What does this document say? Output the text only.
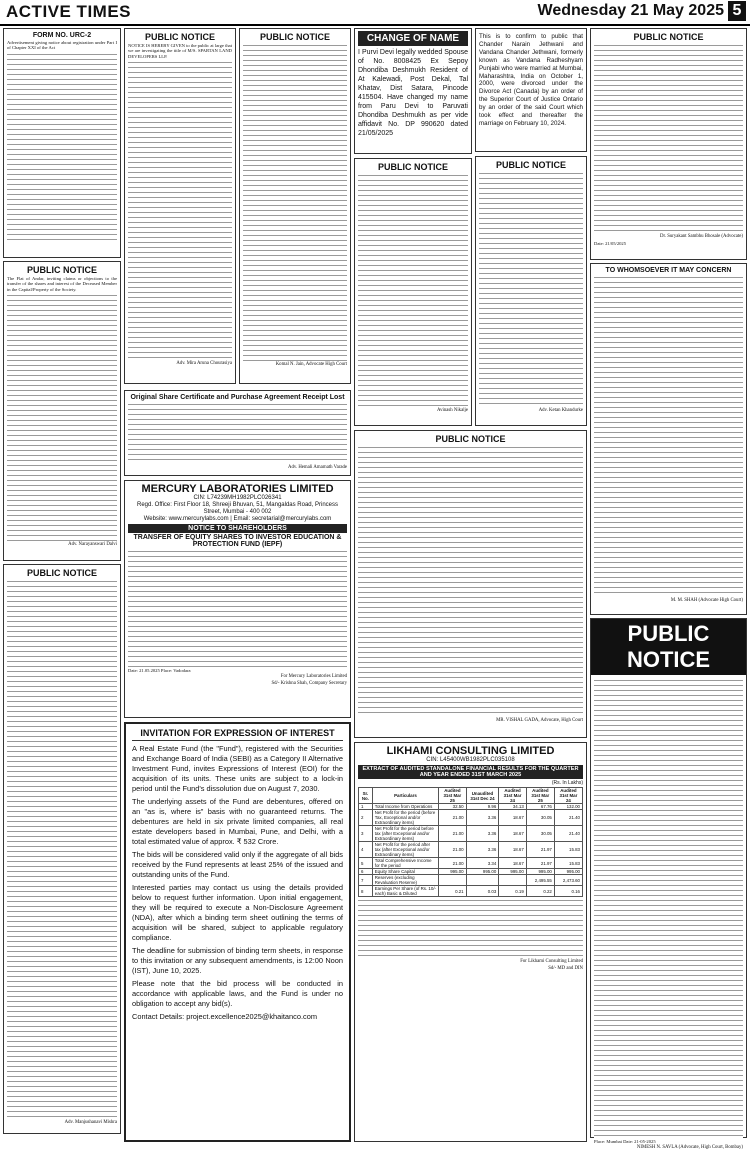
ACTIVE TIMES	Wednesday 21 May 2025 5
FORM NO. URC-2

Advertisement giving notice about registration under Part I of Chapter XXI of the Act

PUBLIC NOTICE

The Flat of Andar, inviting claims or objections to the transfer of the shares and interest of the Deceased Member in the Capital/Property of the Society.

Adv. Narayanswari Dalvi

PUBLIC NOTICE

Adv. Manjushanavi Mishra

PUBLIC NOTICE

NOTICE IS HEREBY GIVEN to the public at large that we are investigating the title of M/S. SPARTAN LAND DEVELOPERS LLP.

Adv. Mira Aruna Chourasiya

PUBLIC NOTICE

Komal N. Jain, Advocate High Court

Original Share Certificate and Purchase Agreement Receipt Lost

Adv. Hemali Amarnath Varade

MERCURY LABORATORIES LIMITED
CIN: L74239MH1982PLC026341
Regd. Office: First Floor 18, Shreeji Bhuvan, 51, Mangaldas Road, Princess Street, Mumbai - 400 002
Website: www.mercurylabs.com | Email: secretarial@mercurylabs.com
NOTICE TO SHAREHOLDERS
TRANSFER OF EQUITY SHARES TO INVESTOR EDUCATION & PROTECTION FUND (IEPF)

Date: 21.05.2025 Place: Vadodara

For Mercury Laboratories Limited

Sd/- Krishna Shah, Company Secretary

INVITATION FOR EXPRESSION OF INTEREST

A Real Estate Fund (the "Fund"), registered with the Securities and Exchange Board of India (SEBI) as a Category II Alternative Investment Fund, invites Expressions of Interest (EOI) for the acquisition of its units. These units are subject to a lock-in period until the Fund's dissolution due on August 7, 2030.

The underlying assets of the Fund are debentures, offered on an "as is, where is" basis with no guaranteed returns. The debentures are held in six private limited companies, all real estate developers based in Mumbai, Pune, and Delhi, with a total estimated value of approx. ₹ 532 Crore.

The bids will be considered valid only if the aggregate of all bids received by the Fund represents at least 25% of the issued and outstanding units of the Fund.

Interested parties may contact us using the details provided below to request further information. Upon initial engagement, they will be required to execute a Non-Disclosure Agreement (NDA), after which a binding term sheet outlining the terms of acquisition will be shared, subject to applicable regulatory compliance.

The deadline for submission of binding term sheets, in response to this invitation or any subsequent amendments, is 12:00 Noon (IST), June 10, 2025.

Please note that the bid process will be conducted in accordance with applicable laws, and the Fund is under no obligation to accept any bid(s).

Contact Details: project.excellence2025@khaitanco.com

CHANGE OF NAME

I Purvi Devi legally wedded Spouse of No. 8008425 Ex Sepoy Dhondiba Deshmukh Resident of At Kalewadi, Post Dekal, Tal Khatav, Dist Satara, Pincode 415504. Have changed my name from Paru Devi to Paruvati Dhondiba Deshmukh as per vide affidavit No. DP 990620 dated 21/05/2025

PUBLIC NOTICE

Avinash Nikalje

This is to confirm to public that Chander Narain Jethwani and Vandana Chander Jethwani, formerly known as Vandana Radheshyam Punjabi who were married at Mumbai, Maharashtra, India on October 1, 2000, were divorced under the Divorce Act (Canada) by an order of the Superior Court of Justice Ontario by an order of the said Court which took effect and thereafter the marriage on February 10, 2024.

PUBLIC NOTICE

Adv. Ketan Khandurke

PUBLIC NOTICE

MR. VISHAL GADA, Advocate, High Court

LIKHAMI CONSULTING LIMITED
CIN: L45400WB1982PLC035108
EXTRACT OF AUDITED STANDALONE FINANCIAL RESULTS FOR THE QUARTER AND YEAR ENDED 31ST MARCH 2025
(Rs. In Lakhs)
Sr. No.	Particulars	Audited 31st Mar 25	Unaudited 31st Dec 24	Audited 31st Mar 24	Audited 31st Mar 25	Audited 31st Mar 24
1	Total Income from Operations	32.50	9.96	34.13	67.76	132.00
2	Net Profit for the period (before Tax, Exceptional and/or Extraordinary items)	21.00	3.36	18.67	30.05	21.40
3	Net Profit for the period before tax (after Exceptional and/or Extraordinary items)	21.00	3.36	18.67	30.05	21.40
4	Net Profit for the period after tax (after Exceptional and/or Extraordinary items)	21.00	3.36	18.67	21.97	15.83
5	Total Comprehensive Income for the period	21.00	3.34	18.67	21.97	15.83
6	Equity Share Capital	995.00	995.00	995.00	995.00	995.00
7	Reserves (excluding Revaluation Reserve)				2,495.55	2,473.60
8	Earnings Per Share (of Rs. 10/- each) Basic & Diluted	0.21	0.03	0.19	0.22	0.16

For Likhami Consulting Limited

Sd/- MD and DIN

PUBLIC NOTICE

Dr. Suryakant Sambhu Bhosale (Advocate)

Date: 21/05/2025

TO WHOMSOEVER IT MAY CONCERN

M. M. SHAH (Advocate High Court)

PUBLIC NOTICE

Place: Mumbai Date: 21-05-2025

NIMESH N. SAVLA (Advocate, High Court, Bombay)
